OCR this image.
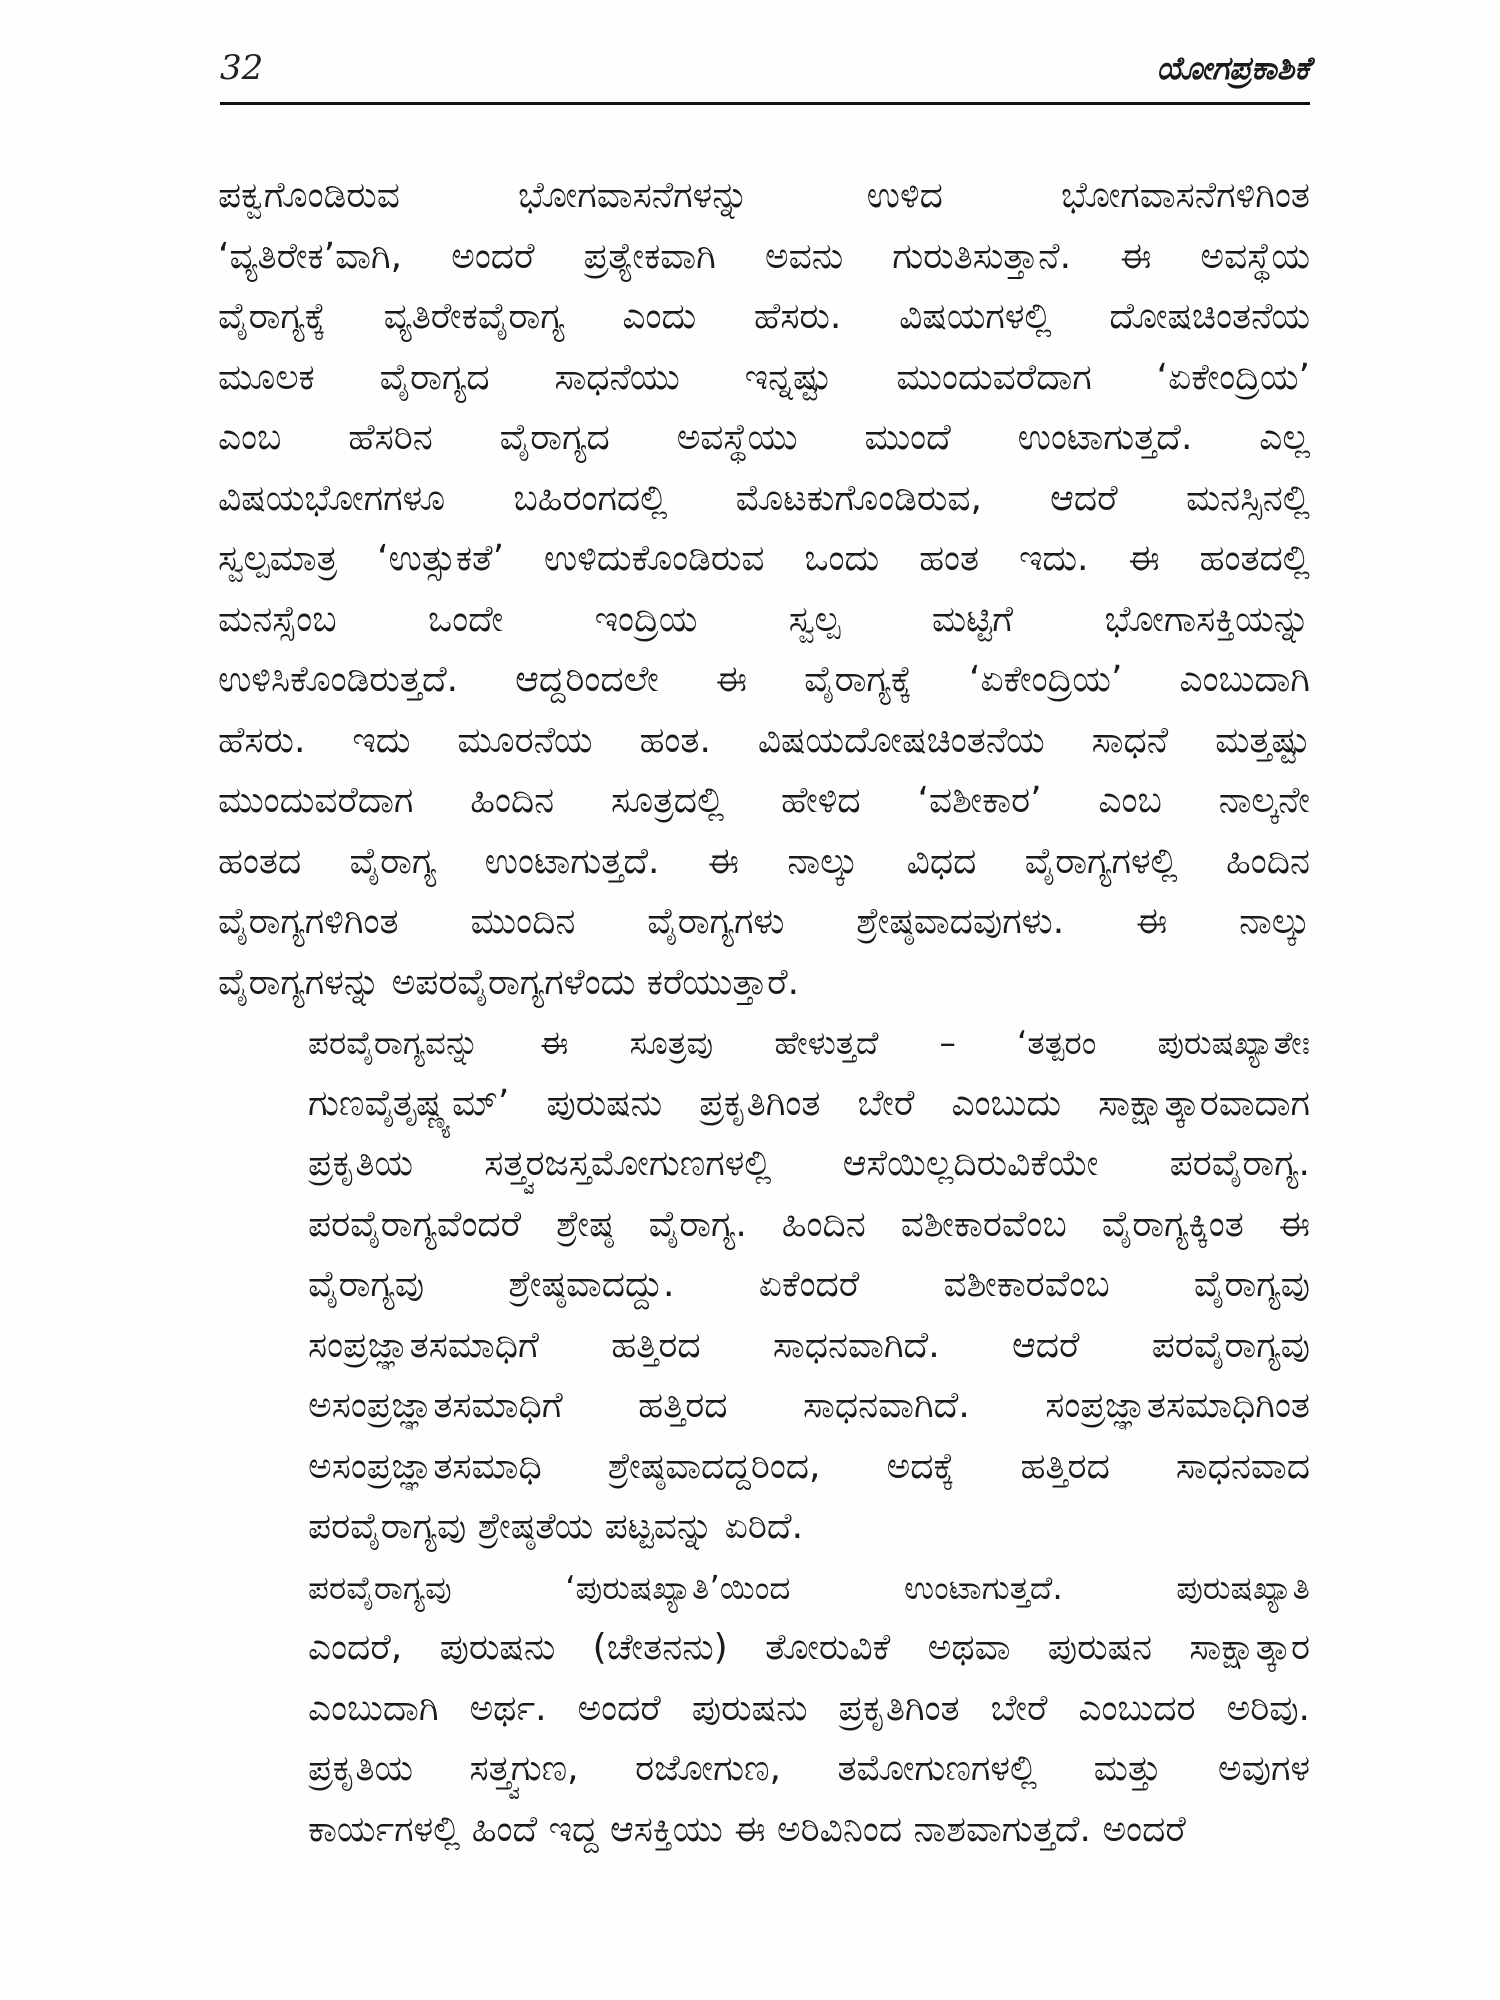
32	ಯೋಗಪ್ರಕಾಶಿಕೆ
ಪಕ್ವಗೊಂಡಿರುವ ಭೋಗವಾಸನೆಗಳನ್ನು ಉಳಿದ ಭೋಗವಾಸನೆಗಳಿಗಿಂತ
‘ವ್ಯತಿರೇಕ’ವಾಗಿ, ಅಂದರೆ ಪ್ರತ್ಯೇಕವಾಗಿ ಅವನು ಗುರುತಿಸುತ್ತಾನೆ. ಈ ಅವಸ್ಥೆಯ
ವೈರಾಗ್ಯಕ್ಕೆ ವ್ಯತಿರೇಕವೈರಾಗ್ಯ ಎಂದು ಹೆಸರು. ವಿಷಯಗಳಲ್ಲಿ ದೋಷಚಿಂತನೆಯ
ಮೂಲಕ ವೈರಾಗ್ಯದ ಸಾಧನೆಯು ಇನ್ನಷ್ಟು ಮುಂದುವರೆದಾಗ ‘ಏಕೇಂದ್ರಿಯ’
ಎಂಬ ಹೆಸರಿನ ವೈರಾಗ್ಯದ ಅವಸ್ಥೆಯು ಮುಂದೆ ಉಂಟಾಗುತ್ತದೆ. ಎಲ್ಲ
ವಿಷಯಭೋಗಗಳೂ ಬಹಿರಂಗದಲ್ಲಿ ಮೊಟಕುಗೊಂಡಿರುವ, ಆದರೆ ಮನಸ್ಸಿನಲ್ಲಿ
ಸ್ವಲ್ಪಮಾತ್ರ ‘ಉತ್ಸುಕತೆ’ ಉಳಿದುಕೊಂಡಿರುವ ಒಂದು ಹಂತ ಇದು. ಈ ಹಂತದಲ್ಲಿ
ಮನಸ್ಸೆಂಬ ಒಂದೇ ಇಂದ್ರಿಯ ಸ್ವಲ್ಪ ಮಟ್ಟಿಗೆ ಭೋಗಾಸಕ್ತಿಯನ್ನು
ಉಳಿಸಿಕೊಂಡಿರುತ್ತದೆ. ಆದ್ದರಿಂದಲೇ ಈ ವೈರಾಗ್ಯಕ್ಕೆ ‘ಏಕೇಂದ್ರಿಯ’ ಎಂಬುದಾಗಿ
ಹೆಸರು. ಇದು ಮೂರನೆಯ ಹಂತ. ವಿಷಯದೋಷಚಿಂತನೆಯ ಸಾಧನೆ ಮತ್ತಷ್ಟು
ಮುಂದುವರೆದಾಗ ಹಿಂದಿನ ಸೂತ್ರದಲ್ಲಿ ಹೇಳಿದ ‘ವಶೀಕಾರ’ ಎಂಬ ನಾಲ್ಕನೇ
ಹಂತದ ವೈರಾಗ್ಯ ಉಂಟಾಗುತ್ತದೆ. ಈ ನಾಲ್ಕು ವಿಧದ ವೈರಾಗ್ಯಗಳಲ್ಲಿ ಹಿಂದಿನ
ವೈರಾಗ್ಯಗಳಿಗಿಂತ ಮುಂದಿನ ವೈರಾಗ್ಯಗಳು ಶ್ರೇಷ್ಠವಾದವುಗಳು. ಈ ನಾಲ್ಕು
ವೈರಾಗ್ಯಗಳನ್ನು ಅಪರವೈರಾಗ್ಯಗಳೆಂದು ಕರೆಯುತ್ತಾರೆ.
ಪರವೈರಾಗ್ಯವನ್ನು ಈ ಸೂತ್ರವು ಹೇಳುತ್ತದೆ – ‘ತತ್ಪರಂ ಪುರುಷಖ್ಯಾತೇಃ
ಗುಣವೈತೃಷ್ಣ್ಯಮ್’ ಪುರುಷನು ಪ್ರಕೃತಿಗಿಂತ ಬೇರೆ ಎಂಬುದು ಸಾಕ್ಷಾತ್ಕಾರವಾದಾಗ
ಪ್ರಕೃತಿಯ ಸತ್ತ್ವರಜಸ್ತಮೋಗುಣಗಳಲ್ಲಿ ಆಸೆಯಿಲ್ಲದಿರುವಿಕೆಯೇ ಪರವೈರಾಗ್ಯ.
ಪರವೈರಾಗ್ಯವೆಂದರೆ ಶ್ರೇಷ್ಠ ವೈರಾಗ್ಯ. ಹಿಂದಿನ ವಶೀಕಾರವೆಂಬ ವೈರಾಗ್ಯಕ್ಕಿಂತ ಈ
ವೈರಾಗ್ಯವು ಶ್ರೇಷ್ಠವಾದದ್ದು. ಏಕೆಂದರೆ ವಶೀಕಾರವೆಂಬ ವೈರಾಗ್ಯವು
ಸಂಪ್ರಜ್ಞಾತಸಮಾಧಿಗೆ ಹತ್ತಿರದ ಸಾಧನವಾಗಿದೆ. ಆದರೆ ಪರವೈರಾಗ್ಯವು
ಅಸಂಪ್ರಜ್ಞಾತಸಮಾಧಿಗೆ ಹತ್ತಿರದ ಸಾಧನವಾಗಿದೆ. ಸಂಪ್ರಜ್ಞಾತಸಮಾಧಿಗಿಂತ
ಅಸಂಪ್ರಜ್ಞಾತಸಮಾಧಿ ಶ್ರೇಷ್ಠವಾದದ್ದರಿಂದ, ಅದಕ್ಕೆ ಹತ್ತಿರದ ಸಾಧನವಾದ
ಪರವೈರಾಗ್ಯವು ಶ್ರೇಷ್ಠತೆಯ ಪಟ್ಟವನ್ನು ಏರಿದೆ.
ಪರವೈರಾಗ್ಯವು ‘ಪುರುಷಖ್ಯಾತಿ’ಯಿಂದ ಉಂಟಾಗುತ್ತದೆ. ಪುರುಷಖ್ಯಾತಿ
ಎಂದರೆ, ಪುರುಷನು (ಚೇತನನು) ತೋರುವಿಕೆ ಅಥವಾ ಪುರುಷನ ಸಾಕ್ಷಾತ್ಕಾರ
ಎಂಬುದಾಗಿ ಅರ್ಥ. ಅಂದರೆ ಪುರುಷನು ಪ್ರಕೃತಿಗಿಂತ ಬೇರೆ ಎಂಬುದರ ಅರಿವು.
ಪ್ರಕೃತಿಯ ಸತ್ತ್ವಗುಣ, ರಜೋಗುಣ, ತಮೋಗುಣಗಳಲ್ಲಿ ಮತ್ತು ಅವುಗಳ
ಕಾರ್ಯಗಳಲ್ಲಿ ಹಿಂದೆ ಇದ್ದ ಆಸಕ್ತಿಯು ಈ ಅರಿವಿನಿಂದ ನಾಶವಾಗುತ್ತದೆ. ಅಂದರೆ
